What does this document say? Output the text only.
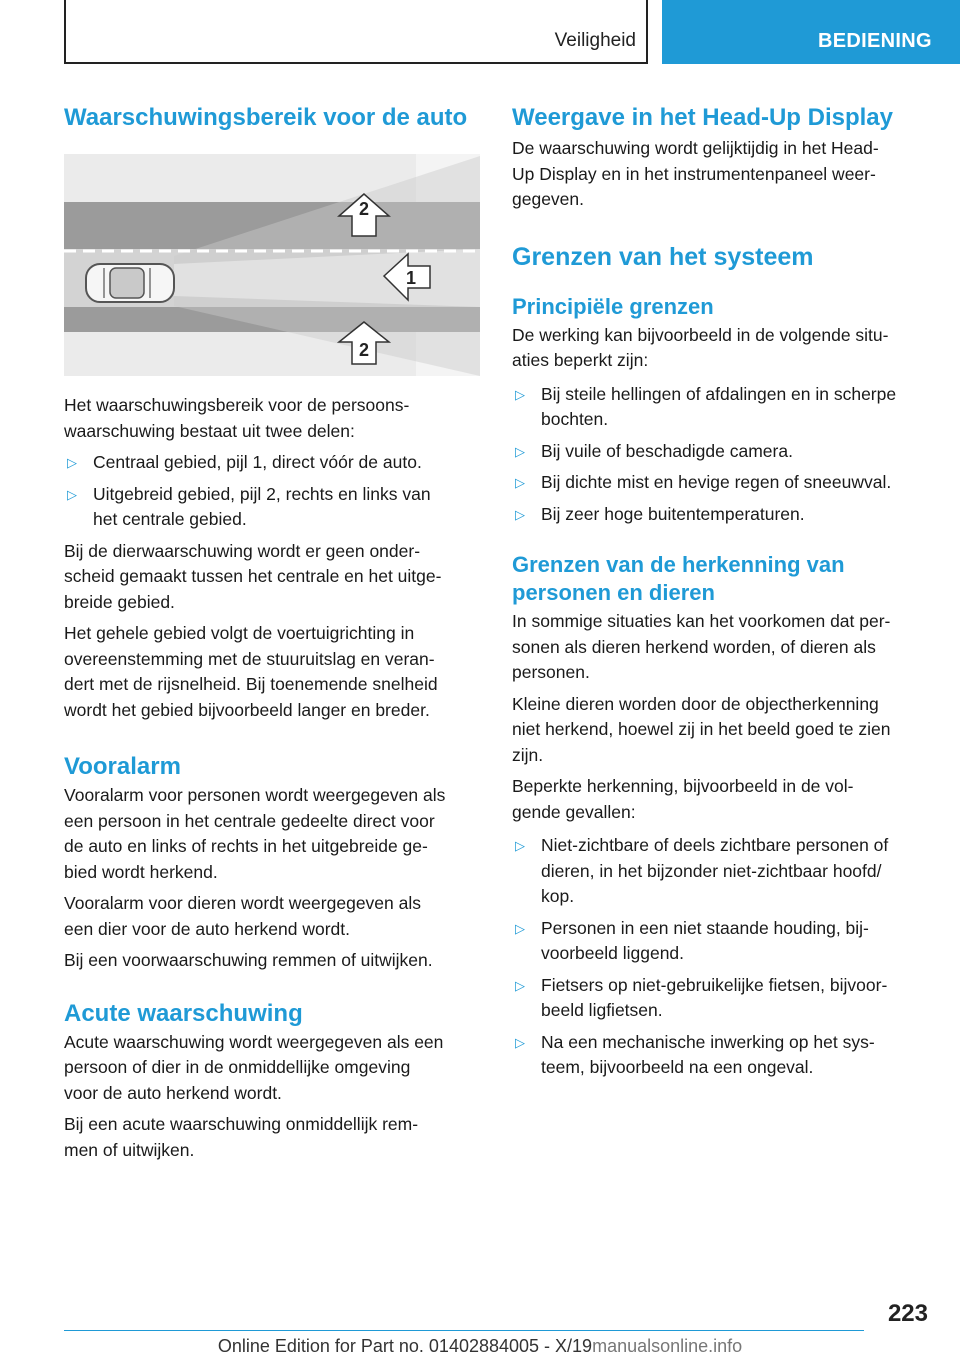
Veiligheid	BEDIENING
Waarschuwingsbereik voor de auto
2
1
2

Het waarschuwingsbereik voor de persoons-
waarschuwing bestaat uit twee delen:

▷ Centraal gebied, pijl 1, direct vóór de auto.
▷ Uitgebreid gebied, pijl 2, rechts en links van
het centrale gebied.

Bij de dierwaarschuwing wordt er geen onder-
scheid gemaakt tussen het centrale en het uitge-
breide gebied.

Het gehele gebied volgt de voertuigrichting in
overeenstemming met de stuuruitslag en veran-
dert met de rijsnelheid. Bij toenemende snelheid
wordt het gebied bijvoorbeeld langer en breder.

Vooralarm

Vooralarm voor personen wordt weergegeven als
een persoon in het centrale gedeelte direct voor
de auto en links of rechts in het uitgebreide ge-
bied wordt herkend.

Vooralarm voor dieren wordt weergegeven als
een dier voor de auto herkend wordt.

Bij een voorwaarschuwing remmen of uitwijken.

Acute waarschuwing

Acute waarschuwing wordt weergegeven als een
persoon of dier in de onmiddellijke omgeving
voor de auto herkend wordt.

Bij een acute waarschuwing onmiddellijk rem-
men of uitwijken.

Weergave in het Head-Up Display

De waarschuwing wordt gelijktijdig in het Head-
Up Display en in het instrumentenpaneel weer-
gegeven.

Grenzen van het systeem
Principiële grenzen

De werking kan bijvoorbeeld in de volgende situ-
aties beperkt zijn:

▷ Bij steile hellingen of afdalingen en in scherpe
bochten.
▷ Bij vuile of beschadigde camera.
▷ Bij dichte mist en hevige regen of sneeuwval.
▷ Bij zeer hoge buitentemperaturen.
Grenzen van de herkenning van
personen en dieren

In sommige situaties kan het voorkomen dat per-
sonen als dieren herkend worden, of dieren als
personen.

Kleine dieren worden door de objectherkenning
niet herkend, hoewel zij in het beeld goed te zien
zijn.

Beperkte herkenning, bijvoorbeeld in de vol-
gende gevallen:

▷ Niet-zichtbare of deels zichtbare personen of
dieren, in het bijzonder niet-zichtbaar hoofd/
kop.
▷ Personen in een niet staande houding, bij-
voorbeeld liggend.
▷ Fietsers op niet-gebruikelijke fietsen, bijvoor-
beeld ligfietsen.
▷ Na een mechanische inwerking op het sys-
teem, bijvoorbeeld na een ongeval.
223
Online Edition for Part no. 01402884005 - X/19manualsonline.info
